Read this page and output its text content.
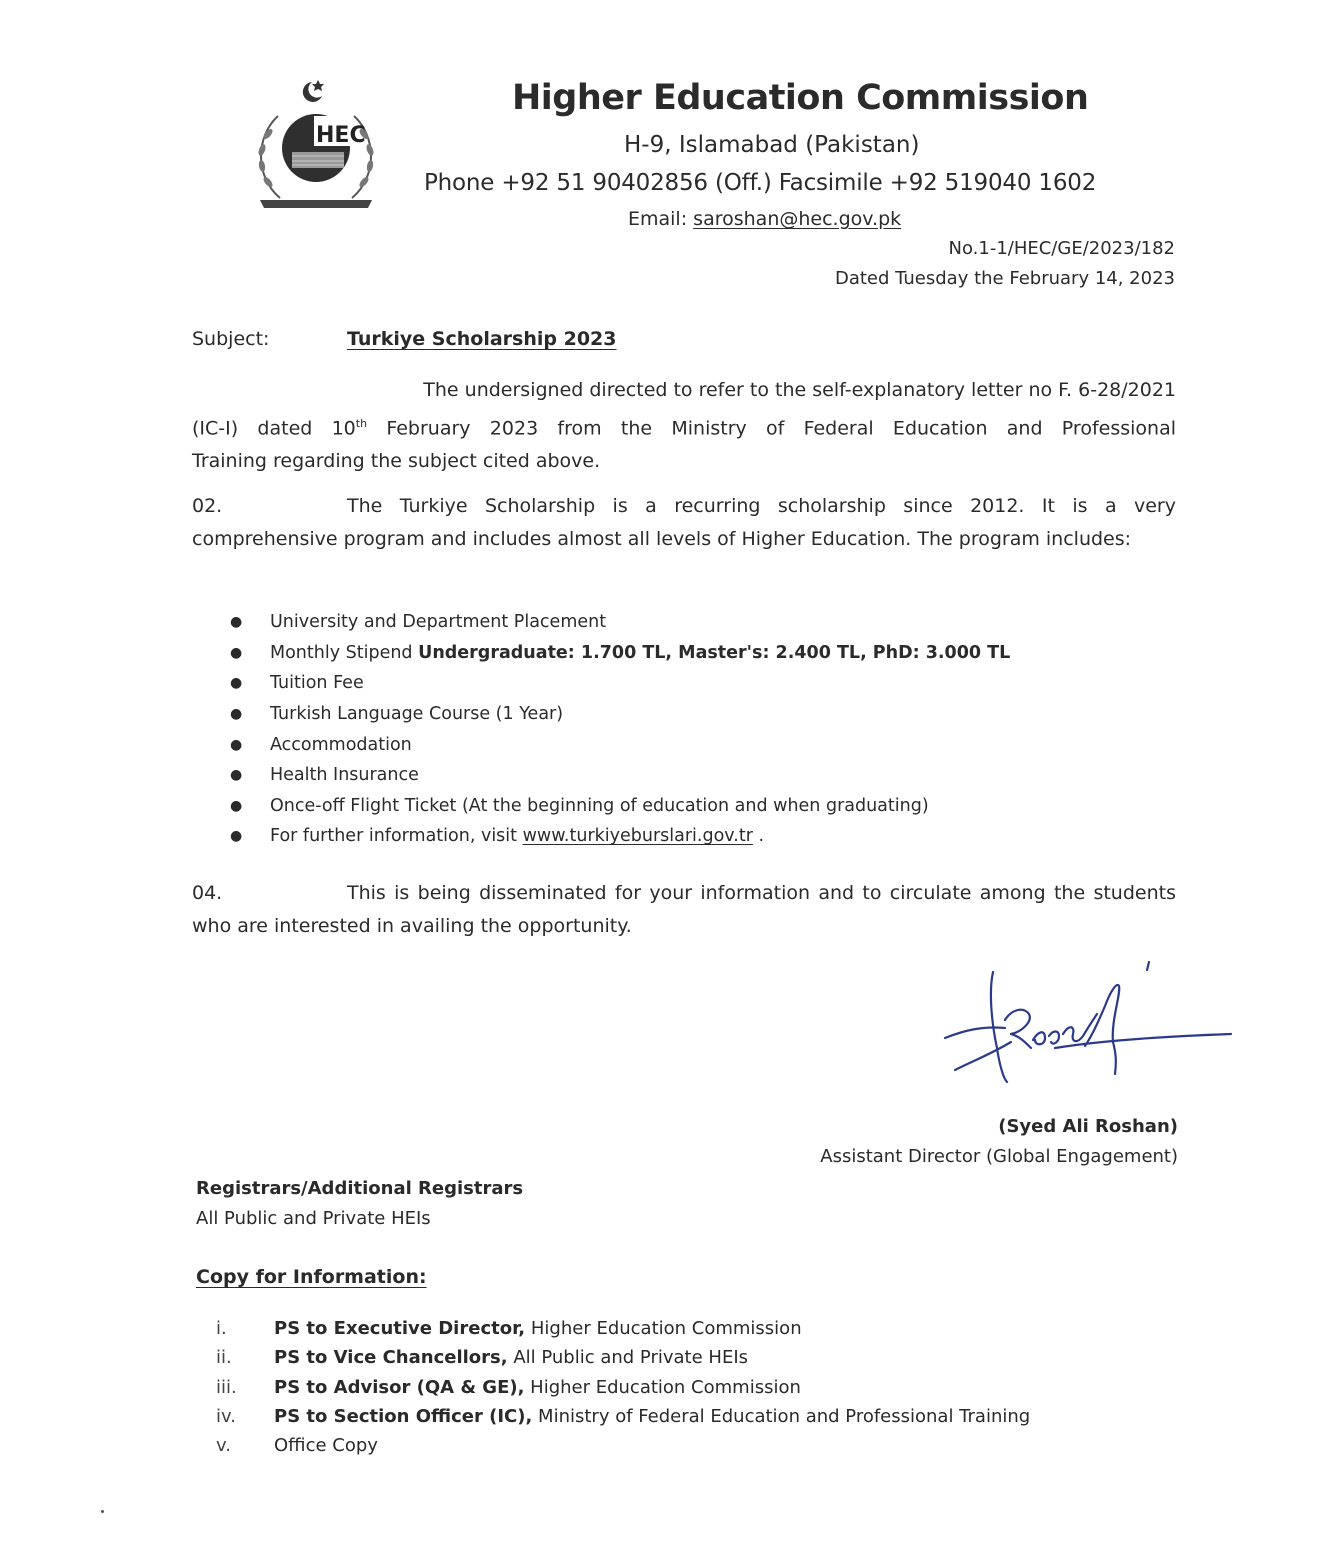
HEC
Higher Education Commission
H-9, Islamabad (Pakistan)
Phone +92 51 90402856 (Off.) Facsimile +92 519040 1602
Email: saroshan@hec.gov.pk
No.1-1/HEC/GE/2023/182
Dated Tuesday the February 14, 2023
Subject:	Turkiye Scholarship 2023
The undersigned directed to refer to the self-explanatory letter no F. 6-28/2021
(IC-I) dated 10th February 2023 from the Ministry of Federal Education and Professional
Training regarding the subject cited above.
02.	The Turkiye Scholarship is a recurring scholarship since 2012. It is a very comprehensive program and includes almost all levels of Higher Education. The program includes:
●	University and Department Placement
●	Monthly Stipend Undergraduate: 1.700 TL, Master's: 2.400 TL, PhD: 3.000 TL
●	Tuition Fee
●	Turkish Language Course (1 Year)
●	Accommodation
●	Health Insurance
●	Once-off Flight Ticket (At the beginning of education and when graduating)
●	For further information, visit www.turkiyeburslari.gov.tr .
04.	This is being disseminated for your information and to circulate among the students who are interested in availing the opportunity.
(Syed Ali Roshan)
Assistant Director (Global Engagement)
Registrars/Additional Registrars
All Public and Private HEIs
Copy for Information:
i.	PS to Executive Director, Higher Education Commission
ii. PS to Vice Chancellors, All Public and Private HEIs
iii. PS to Advisor (QA & GE), Higher Education Commission
iv. PS to Section Officer (IC), Ministry of Federal Education and Professional Training
v. Office Copy
